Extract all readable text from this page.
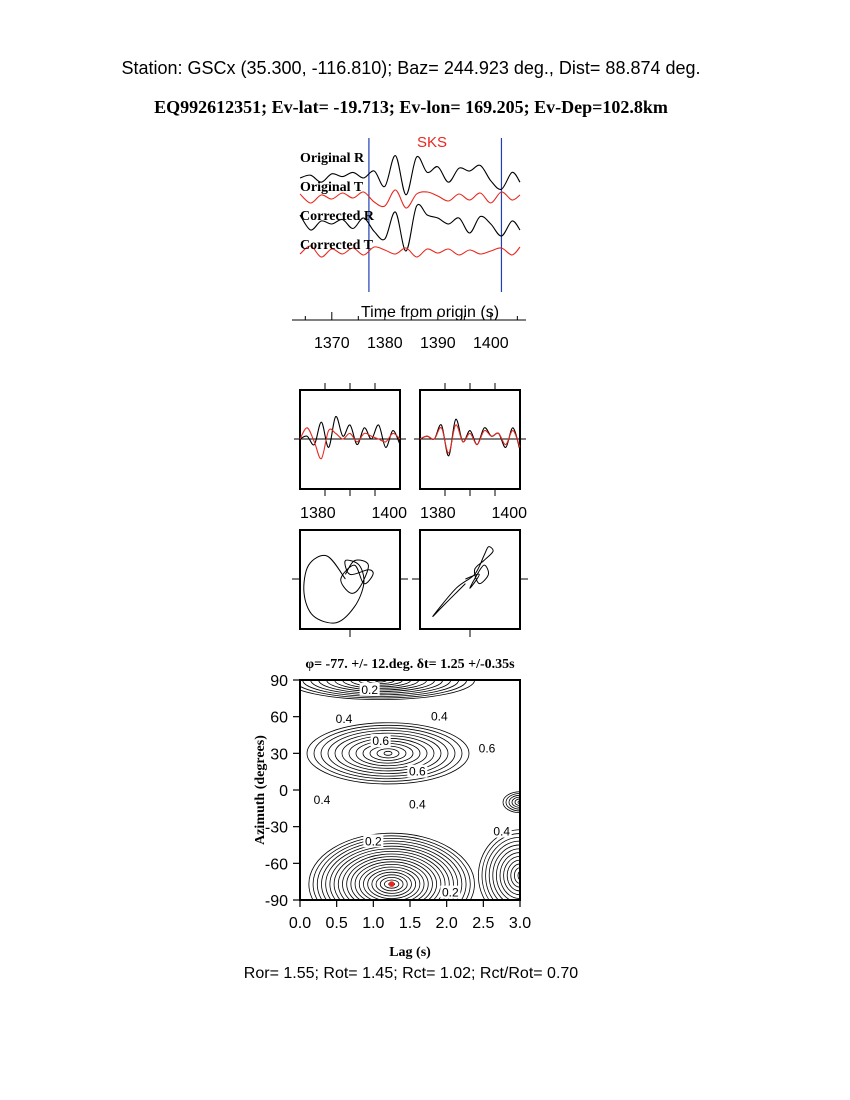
Station: GSCx (35.300, -116.810); Baz= 244.923 deg., Dist= 88.874 deg.
EQ992612351; Ev-lat= -19.713; Ev-lon= 169.205; Ev-Dep=102.8km
SKS
Original R
Original T
Corrected R
Corrected T
Time from origin (s)
1370 1380 1390 1400
1380 1400 1380 1400
φ= -77. +/- 12.deg. δt= 1.25 +/-0.35s
0.0 0.5 1.0 1.5 2.0 2.5 3.0
-90
-60
-30
0
30
60
90	0.2
0.4	0.4
0.6
0.6
0.6
0.4	0.4
0.4
0.2
0.2
Lag (s)
Azimuth (degrees)
Ror= 1.55; Rot= 1.45; Rct= 1.02; Rct/Rot= 0.70
